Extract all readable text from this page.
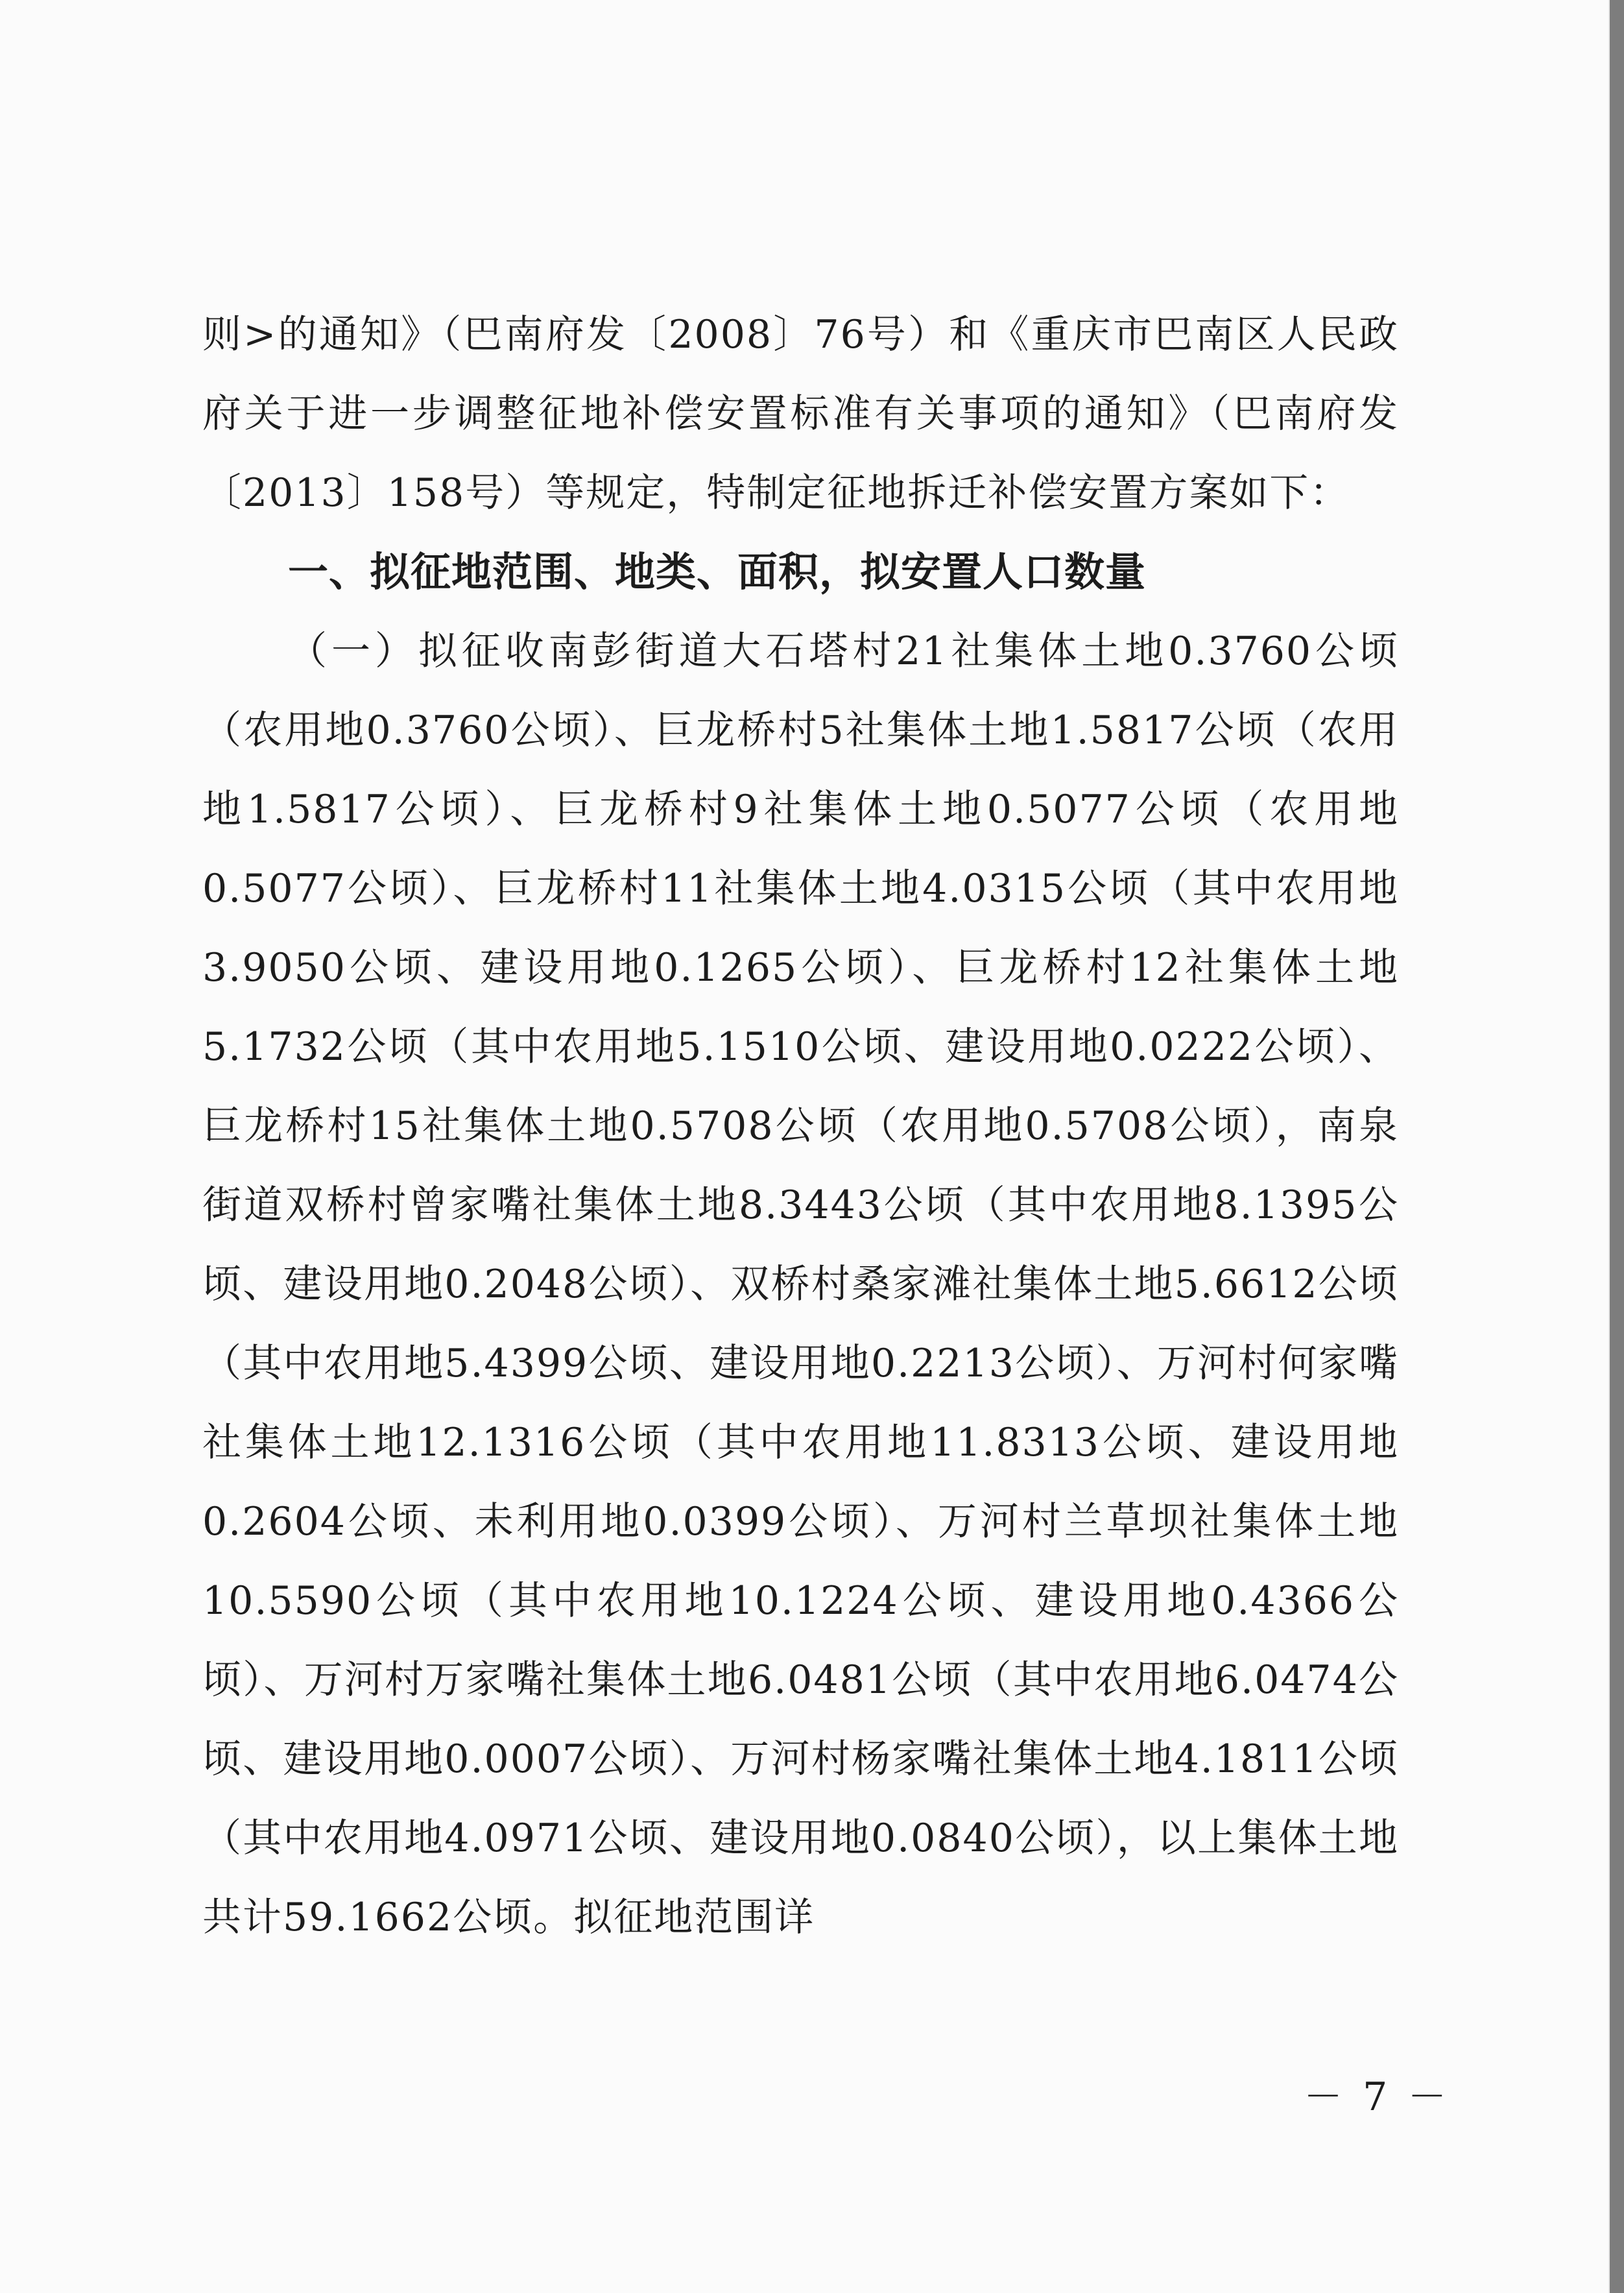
则>的通知》（巴南府发〔2008〕76号）和《重庆市巴南区人民政府关于进一步调整征地补偿安置标准有关事项的通知》（巴南府发〔2013〕158号）等规定，特制定征地拆迁补偿安置方案如下：

一、拟征地范围、地类、面积，拟安置人口数量

（一）拟征收南彭街道大石塔村21社集体土地0.3760公顷（农用地0.3760公顷）、巨龙桥村5社集体土地1.5817公顷（农用地1.5817公顷）、巨龙桥村9社集体土地0.5077公顷（农用地0.5077公顷）、巨龙桥村11社集体土地4.0315公顷（其中农用地3.9050公顷、建设用地0.1265公顷）、巨龙桥村12社集体土地5.1732公顷（其中农用地5.1510公顷、建设用地0.0222公顷）、巨龙桥村15社集体土地0.5708公顷（农用地0.5708公顷），南泉街道双桥村曾家嘴社集体土地8.3443公顷（其中农用地8.1395公顷、建设用地0.2048公顷）、双桥村桑家滩社集体土地5.6612公顷（其中农用地5.4399公顷、建设用地0.2213公顷）、万河村何家嘴社集体土地12.1316公顷（其中农用地11.8313公顷、建设用地0.2604公顷、未利用地0.0399公顷）、万河村兰草坝社集体土地10.5590公顷（其中农用地10.1224公顷、建设用地0.4366公顷）、万河村万家嘴社集体土地6.0481公顷（其中农用地6.0474公顷、建设用地0.0007公顷）、万河村杨家嘴社集体土地4.1811公顷（其中农用地4.0971公顷、建设用地0.0840公顷），以上集体土地共计59.1662公顷。拟征地范围详

－ 7 －
